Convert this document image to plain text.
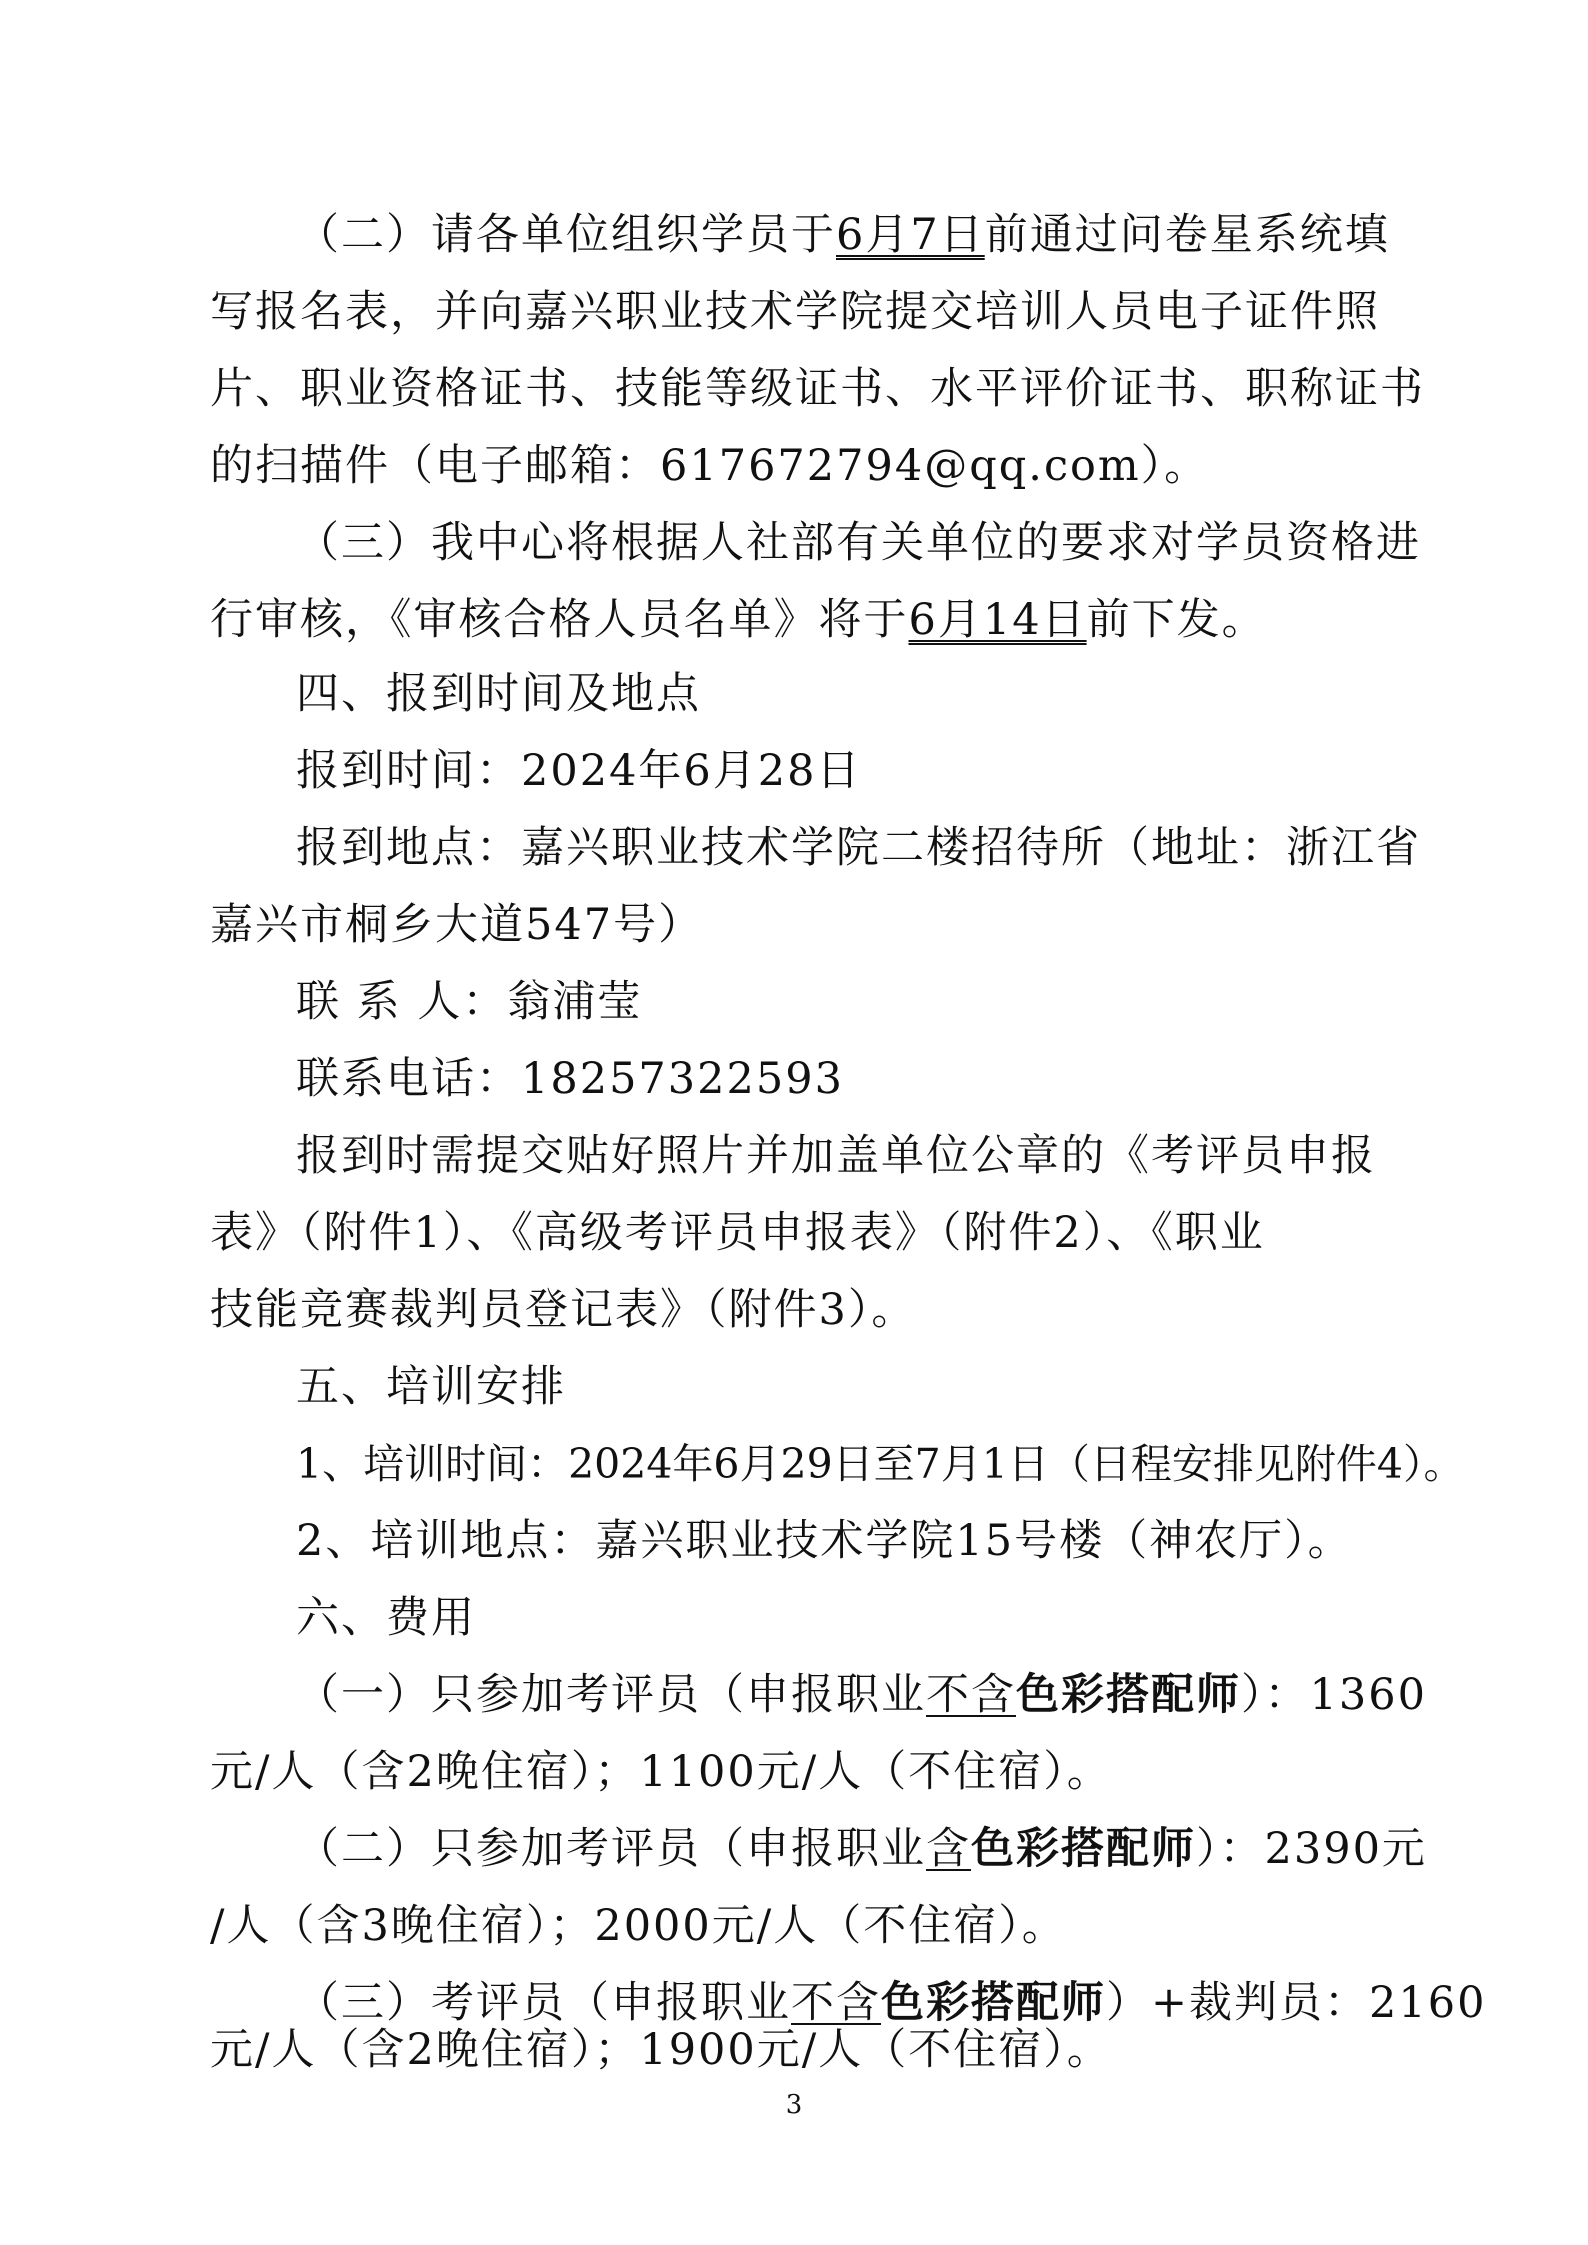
（二）请各单位组织学员于6月7日前通过问卷星系统填
写报名表，并向嘉兴职业技术学院提交培训人员电子证件照
片、职业资格证书、技能等级证书、水平评价证书、职称证书
的扫描件（电子邮箱：617672794@qq.com）。
（三）我中心将根据人社部有关单位的要求对学员资格进
行审核，《审核合格人员名单》将于6月14日前下发。
四、报到时间及地点
报到时间：2024年6月28日
报到地点：嘉兴职业技术学院二楼招待所（地址：浙江省
嘉兴市桐乡大道547号）
联 系 人：翁浦莹
联系电话：18257322593
报到时需提交贴好照片并加盖单位公章的《考评员申报
表》（附件1）、《高级考评员申报表》（附件2）、《职业
技能竞赛裁判员登记表》（附件3）。
五、培训安排
1、培训时间：2024年6月29日至7月1日（日程安排见附件4）。
2、培训地点：嘉兴职业技术学院15号楼（神农厅）。
六、费用
（一）只参加考评员（申报职业不含色彩搭配师）：1360
元/人（含2晚住宿）；1100元/人（不住宿）。
（二）只参加考评员（申报职业含色彩搭配师）：2390元
/人（含3晚住宿）；2000元/人（不住宿）。
（三）考评员（申报职业不含色彩搭配师）+裁判员：2160
元/人（含2晚住宿）；1900元/人（不住宿）。
3
